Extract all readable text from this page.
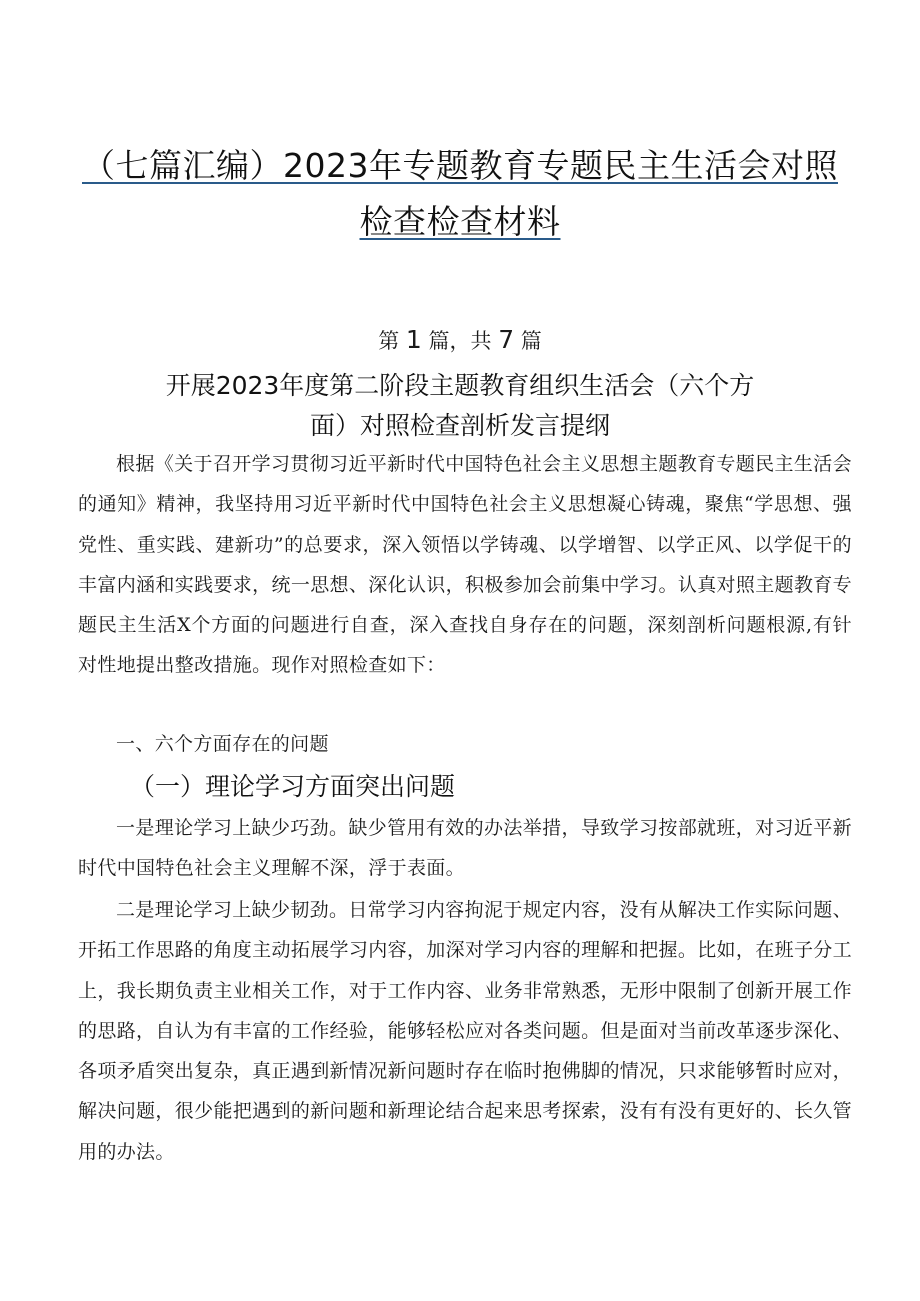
（七篇汇编）2023年专题教育专题民主生活会对照
检查检查材料
第 1 篇，共 7 篇
开展2023年度第二阶段主题教育组织生活会（六个方
面）对照检查剖析发言提纲

根据《关于召开学习贯彻习近平新时代中国特色社会主义思想主题教育专题民主生活会的通知》精神，我坚持用习近平新时代中国特色社会主义思想凝心铸魂，聚焦“学思想、强党性、重实践、建新功”的总要求，深入领悟以学铸魂、以学增智、以学正风、以学促干的丰富内涵和实践要求，统一思想、深化认识，积极参加会前集中学习。认真对照主题教育专题民主生活X个方面的问题进行自查，深入查找自身存在的问题，深刻剖析问题根源,有针对性地提出整改措施。现作对照检查如下：

一、六个方面存在的问题

（一）理论学习方面突出问题

一是理论学习上缺少巧劲。缺少管用有效的办法举措，导致学习按部就班，对习近平新时代中国特色社会主义理解不深，浮于表面。

二是理论学习上缺少韧劲。日常学习内容拘泥于规定内容，没有从解决工作实际问题、开拓工作思路的角度主动拓展学习内容，加深对学习内容的理解和把握。比如，在班子分工上，我长期负责主业相关工作，对于工作内容、业务非常熟悉，无形中限制了创新开展工作的思路，自认为有丰富的工作经验，能够轻松应对各类问题。但是面对当前改革逐步深化、各项矛盾突出复杂，真正遇到新情况新问题时存在临时抱佛脚的情况，只求能够暂时应对，解决问题，很少能把遇到的新问题和新理论结合起来思考探索，没有有没有更好的、长久管用的办法。
